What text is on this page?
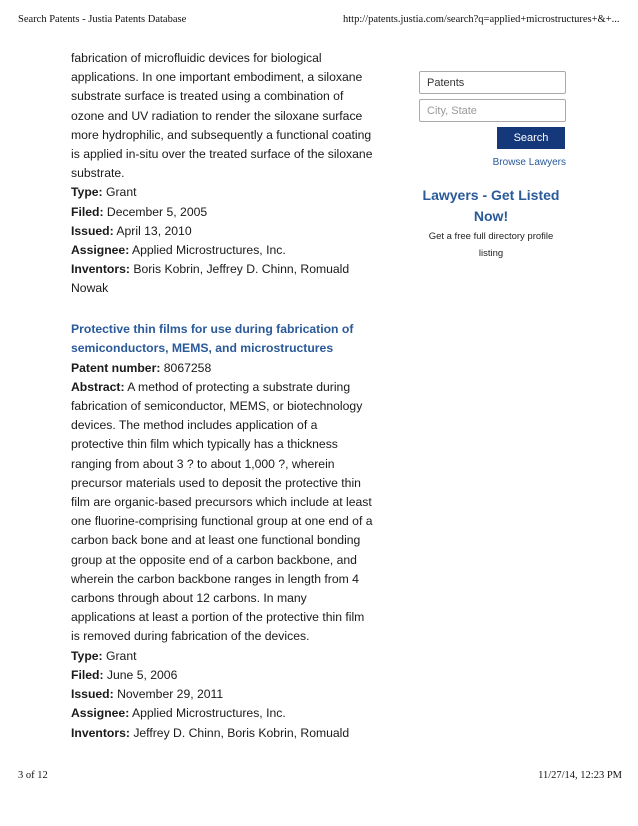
Search Patents - Justia Patents Database	http://patents.justia.com/search?q=applied+microstructures+&+...
fabrication of microfluidic devices for biological
applications. In one important embodiment, a siloxane
substrate surface is treated using a combination of
ozone and UV radiation to render the siloxane surface
more hydrophilic, and subsequently a functional coating
is applied in-situ over the treated surface of the siloxane
substrate.
Type: Grant
Filed: December 5, 2005
Issued: April 13, 2010
Assignee: Applied Microstructures, Inc.
Inventors: Boris Kobrin, Jeffrey D. Chinn, Romuald
Nowak
Protective thin films for use during fabrication of
semiconductors, MEMS, and microstructures
Patent number: 8067258
Abstract: A method of protecting a substrate during
fabrication of semiconductor, MEMS, or biotechnology
devices. The method includes application of a
protective thin film which typically has a thickness
ranging from about 3 ? to about 1,000 ?, wherein
precursor materials used to deposit the protective thin
film are organic-based precursors which include at least
one fluorine-comprising functional group at one end of a
carbon back bone and at least one functional bonding
group at the opposite end of a carbon backbone, and
wherein the carbon backbone ranges in length from 4
carbons through about 12 carbons. In many
applications at least a portion of the protective thin film
is removed during fabrication of the devices.
Type: Grant
Filed: June 5, 2006
Issued: November 29, 2011
Assignee: Applied Microstructures, Inc.
Inventors: Jeffrey D. Chinn, Boris Kobrin, Romuald
Patents
City, State
Search
Browse Lawyers
Lawyers - Get Listed
Now!
Get a free full directory profile
listing
3 of 12	11/27/14, 12:23 PM
